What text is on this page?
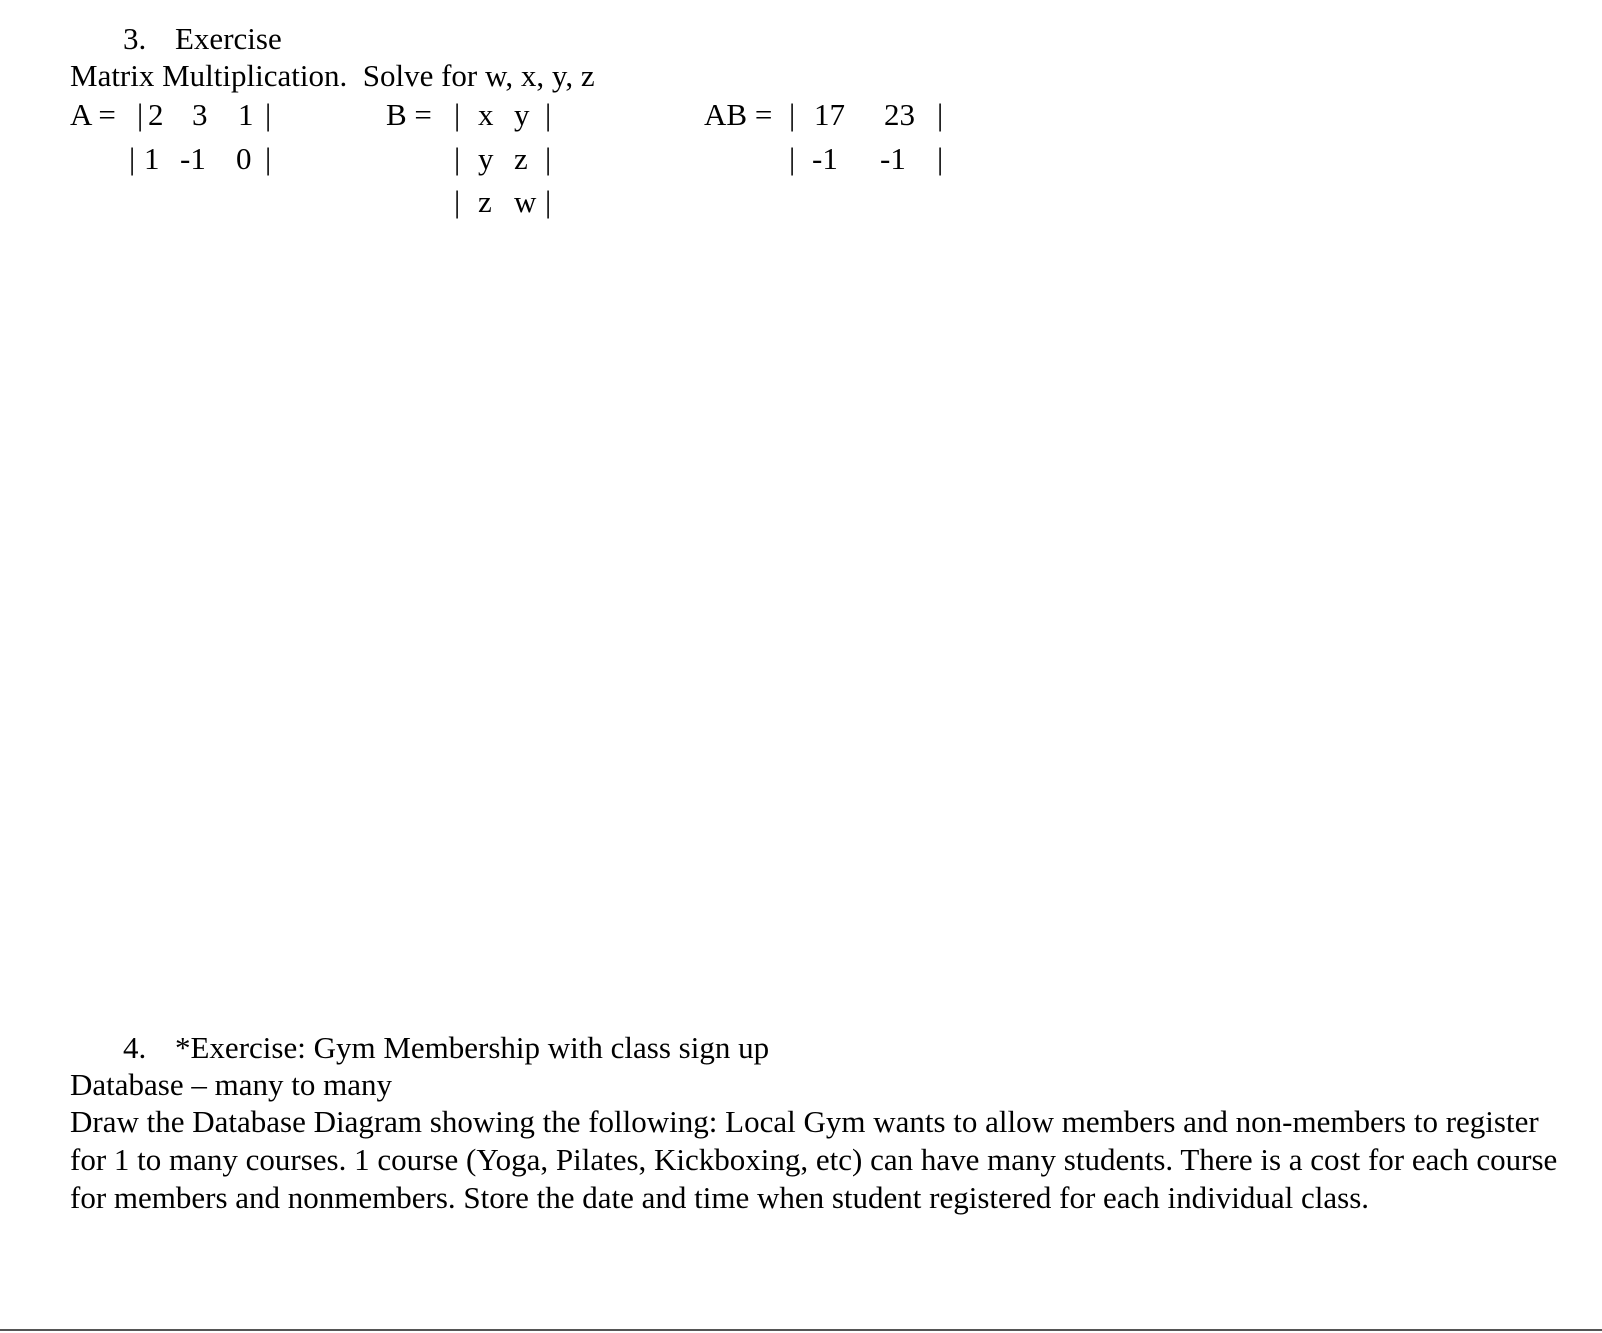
3. Exercise
Matrix Multiplication.  Solve for w, x, y, z
A = | 2 3 1 |
| 1 -1 0 |
B = | x y |
| y z |
| z w |
AB = | 17 23 |
| -1 -1 |
4. *Exercise: Gym Membership with class sign up
Database – many to many
Draw the Database Diagram showing the following: Local Gym wants to allow members and non-members to register for 1 to many courses. 1 course (Yoga, Pilates, Kickboxing, etc) can have many students. There is a cost for each course for members and nonmembers. Store the date and time when student registered for each individual class.
